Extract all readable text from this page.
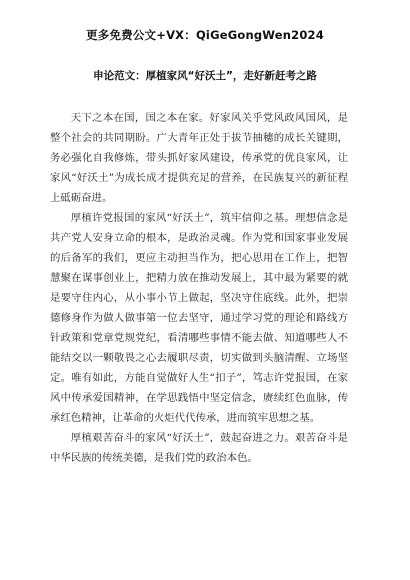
更多免费公文+VX：QiGeGongWen2024
申论范文：厚植家风“好沃土”，走好新赶考之路

天下之本在国，国之本在家。好家风关乎党风政风国风，是整个社会的共同期盼。广大青年正处于拔节抽穗的成长关键期，务必强化自我修炼，带头抓好家风建设，传承党的优良家风，让家风“好沃土”为成长成才提供充足的营养，在民族复兴的新征程上砥砺奋进。

厚植许党报国的家风“好沃土”，筑牢信仰之基。理想信念是共产党人安身立命的根本，是政治灵魂。作为党和国家事业发展的后备军的我们，更应主动担当作为，把心思用在工作上，把智慧聚在谋事创业上，把精力放在推动发展上，其中最为紧要的就是要守住内心，从小事小节上做起，坚决守住底线。此外，把崇德修身作为做人做事第一位去坚守，通过学习党的理论和路线方针政策和党章党规党纪，看清哪些事情不能去做、知道哪些人不能结交以一颗敬畏之心去履职尽责，切实做到头脑清醒、立场坚定。唯有如此，方能自觉做好人生“扣子”，笃志许党报国，在家风中传承爱国精神，在学思践悟中坚定信念，赓续红色血脉，传承红色精神，让革命的火炬代代传承，进而筑牢思想之基。

厚植艰苦奋斗的家风“好沃土”，鼓起奋进之力。艰苦奋斗是中华民族的传统美德，是我们党的政治本色。
